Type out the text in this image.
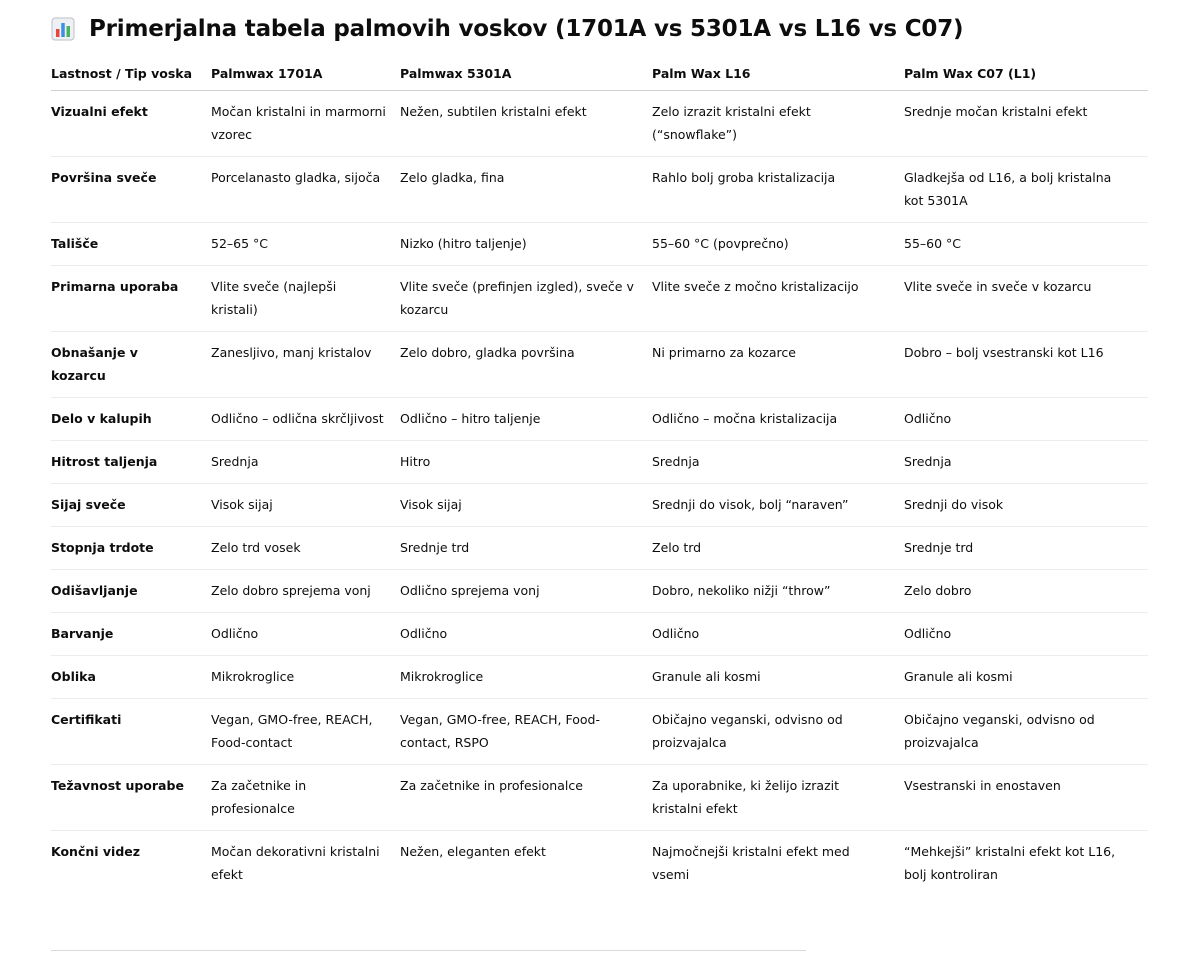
Primerjalna tabela palmovih voskov (1701A vs 5301A vs L16 vs C07)
Lastnost / Tip voska	Palmwax 1701A	Palmwax 5301A	Palm Wax L16	Palm Wax C07 (L1)
Vizualni efekt	Močan kristalni in marmorni vzorec	Nežen, subtilen kristalni efekt	Zelo izrazit kristalni efekt (“snowflake”)	Srednje močan kristalni efekt
Površina sveče	Porcelanasto gladka, sijoča	Zelo gladka, fina	Rahlo bolj groba kristalizacija	Gladkejša od L16, a bolj kristalna kot 5301A
Tališče	52–65 °C	Nizko (hitro taljenje)	55–60 °C (povprečno)	55–60 °C
Primarna uporaba	Vlite sveče (najlepši kristali)	Vlite sveče (prefinjen izgled), sveče v kozarcu	Vlite sveče z močno kristalizacijo	Vlite sveče in sveče v kozarcu
Obnašanje v kozarcu	Zanesljivo, manj kristalov	Zelo dobro, gladka površina	Ni primarno za kozarce	Dobro – bolj vsestranski kot L16
Delo v kalupih	Odlično – odlična skrčljivost	Odlično – hitro taljenje	Odlično – močna kristalizacija	Odlično
Hitrost taljenja	Srednja	Hitro	Srednja	Srednja
Sijaj sveče	Visok sijaj	Visok sijaj	Srednji do visok, bolj “naraven”	Srednji do visok
Stopnja trdote	Zelo trd vosek	Srednje trd	Zelo trd	Srednje trd
Odišavljanje	Zelo dobro sprejema vonj	Odlično sprejema vonj	Dobro, nekoliko nižji “throw”	Zelo dobro
Barvanje	Odlično	Odlično	Odlično	Odlično
Oblika	Mikrokroglice	Mikrokroglice	Granule ali kosmi	Granule ali kosmi
Certifikati	Vegan, GMO-free, REACH, Food-contact	Vegan, GMO-free, REACH, Food-contact, RSPO	Običajno veganski, odvisno od proizvajalca	Običajno veganski, odvisno od proizvajalca
Težavnost uporabe	Za začetnike in profesionalce	Za začetnike in profesionalce	Za uporabnike, ki želijo izrazit kristalni efekt	Vsestranski in enostaven
Končni videz	Močan dekorativni kristalni efekt	Nežen, eleganten efekt	Najmočnejši kristalni efekt med vsemi	“Mehkejši” kristalni efekt kot L16, bolj kontroliran
